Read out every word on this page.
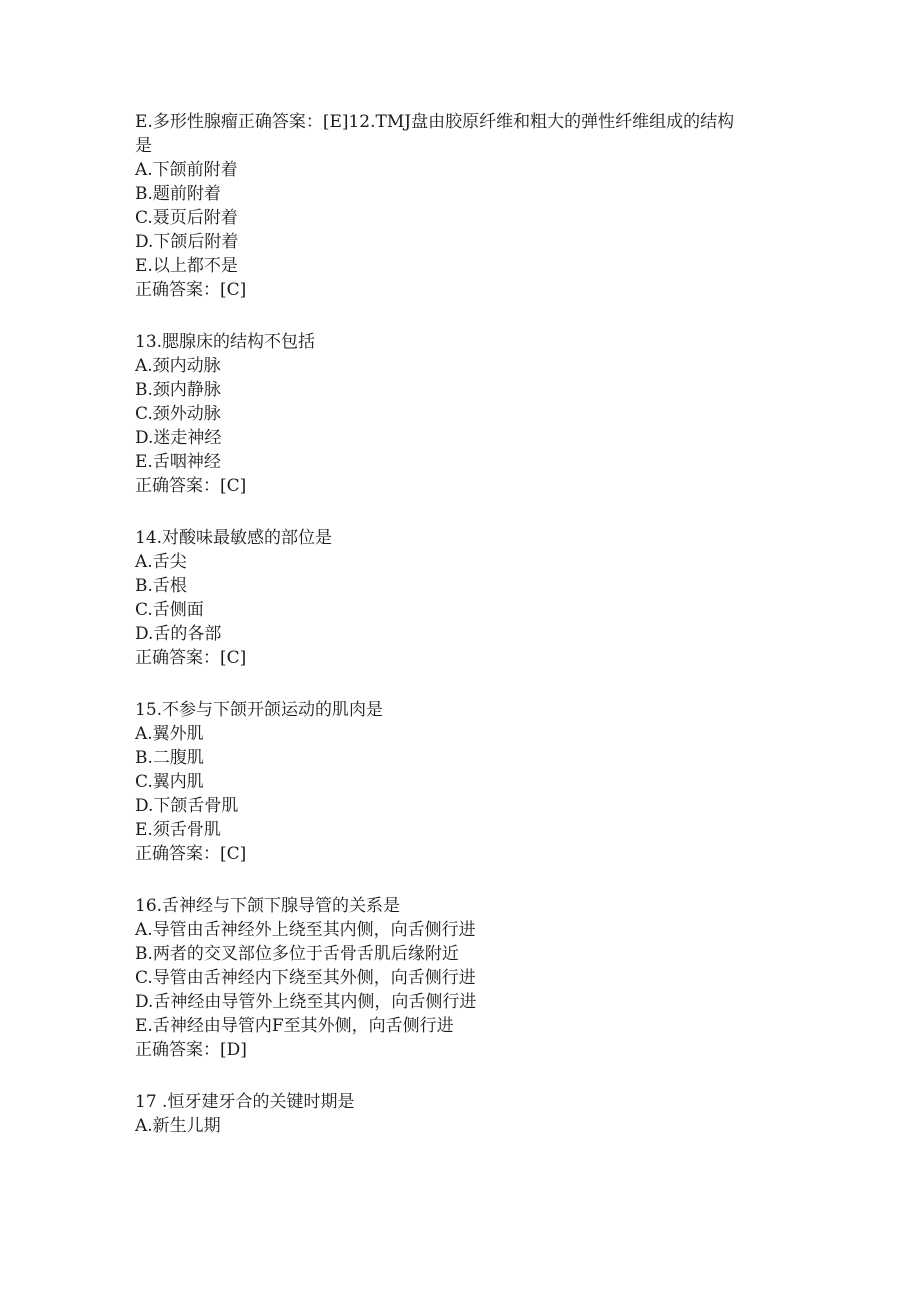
E.多形性腺瘤正确答案：[E]12.TMJ盘由胶原纤维和粗大的弹性纤维组成的结构
是
A.下颌前附着
B.题前附着
C.聂页后附着
D.下颌后附着
E.以上都不是
正确答案：[C]
13.腮腺床的结构不包括
A.颈内动脉
B.颈内静脉
C.颈外动脉
D.迷走神经
E.舌咽神经
正确答案：[C]
14.对酸味最敏感的部位是
A.舌尖
B.舌根
C.舌侧面
D.舌的各部
正确答案：[C]
15.不参与下颌开颌运动的肌肉是
A.翼外肌
B.二腹肌
C.翼内肌
D.下颌舌骨肌
E.须舌骨肌
正确答案：[C]
16.舌神经与下颌下腺导管的关系是
A.导管由舌神经外上绕至其内侧，向舌侧行进
B.两者的交叉部位多位于舌骨舌肌后缘附近
C.导管由舌神经内下绕至其外侧，向舌侧行进
D.舌神经由导管外上绕至其内侧，向舌侧行进
E.舌神经由导管内F至其外侧，向舌侧行进
正确答案：[D]
17 .恒牙建牙合的关键时期是
A.新生儿期
